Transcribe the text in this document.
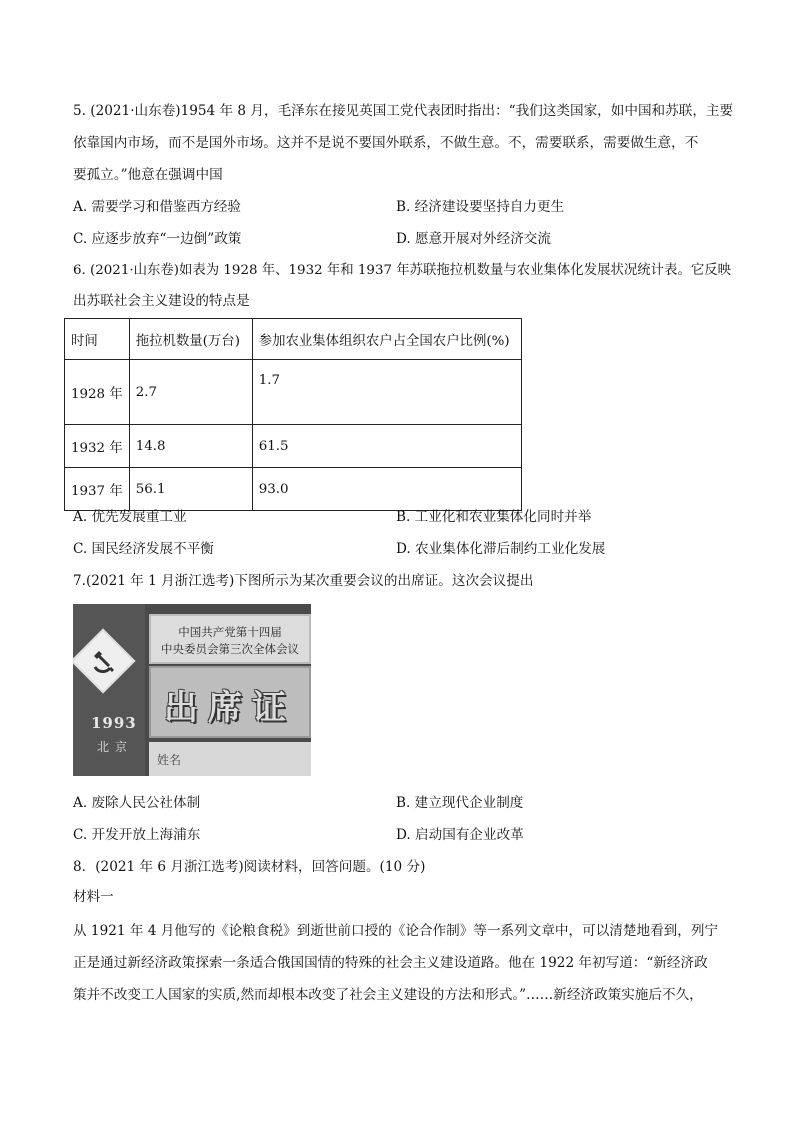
5. (2021·山东卷)1954 年 8 月，毛泽东在接见英国工党代表团时指出：“我们这类国家，如中国和苏联，主要
依靠国内市场，而不是国外市场。这并不是说不要国外联系，不做生意。不，需要联系，需要做生意，不
要孤立。”他意在强调中国
A. 需要学习和借鉴西方经验	B. 经济建设要坚持自力更生
C. 应逐步放弃“一边倒”政策	D. 愿意开展对外经济交流
6. (2021·山东卷)如表为 1928 年、1932 年和 1937 年苏联拖拉机数量与农业集体化发展状况统计表。它反映
出苏联社会主义建设的特点是
时间	拖拉机数量(万台)	参加农业集体组织农户占全国农户比例(%)
1928 年	2.7	1.7
1932 年	14.8	61.5
1937 年	56.1	93.0
A. 优先发展重工业	B. 工业化和农业集体化同时并举
C. 国民经济发展不平衡	D. 农业集体化滞后制约工业化发展
7.(2021 年 1 月浙江选考)下图所示为某次重要会议的出席证。这次会议提出
1993
北京
中国共产党第十四届
中央委员会第三次全体会议
出席证
姓名
A. 废除人民公社体制	B. 建立现代企业制度
C. 开发开放上海浦东	D. 启动国有企业改革
8．(2021 年 6 月浙江选考)阅读材料，回答问题。(10 分)
材料一
从 1921 年 4 月他写的《论粮食税》到逝世前口授的《论合作制》等一系列文章中，可以清楚地看到，列宁
正是通过新经济政策探索一条适合俄国国情的特殊的社会主义建设道路。他在 1922 年初写道：“新经济政
策并不改变工人国家的实质,然而却根本改变了社会主义建设的方法和形式。”……新经济政策实施后不久，
